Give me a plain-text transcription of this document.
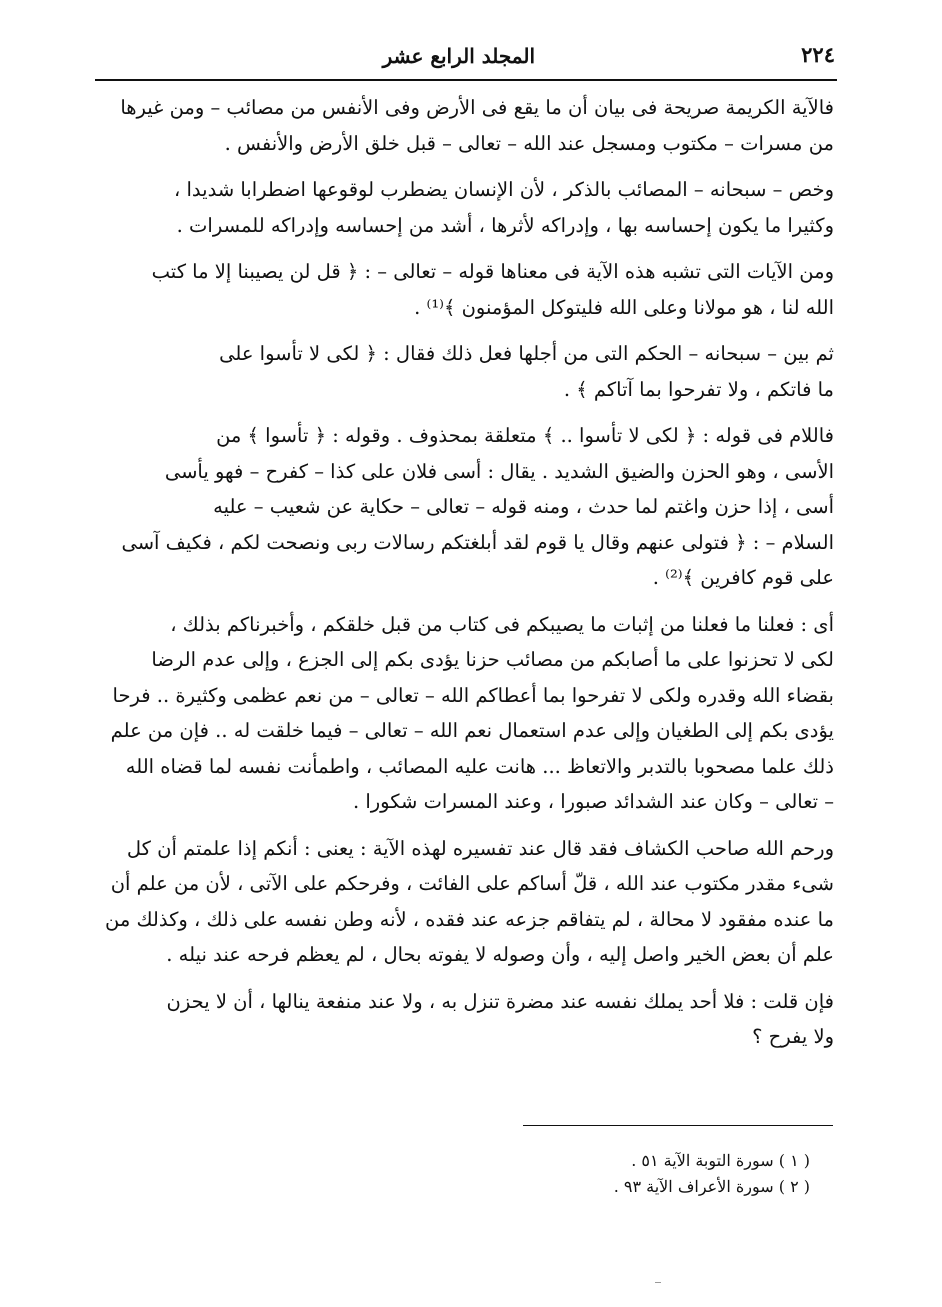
٢٢٤
المجلد الرابع عشر

فالآية الكريمة صريحة فى بيان أن ما يقع فى الأرض وفى الأنفس من مصائب – ومن غيرها

من مسرات – مكتوب ومسجل عند الله – تعالى – قبل خلق الأرض والأنفس .

وخص – سبحانه – المصائب بالذكر ، لأن الإنسان يضطرب لوقوعها اضطرابا شديدا ،

وكثيرا ما يكون إحساسه بها ، وإدراكه لأثرها ، أشد من إحساسه وإدراكه للمسرات .

ومن الآيات التى تشبه هذه الآية فى معناها قوله – تعالى – : ﴿ قل لن يصيبنا إلا ما كتب

الله لنا ، هو مولانا وعلى الله فليتوكل المؤمنون ﴾⁽¹⁾ .

ثم بين – سبحانه – الحكم التى من أجلها فعل ذلك فقال : ﴿ لكى لا تأسوا على

ما فاتكم ، ولا تفرحوا بما آتاكم ﴾ .

فاللام فى قوله : ﴿ لكى لا تأسوا .. ﴾ متعلقة بمحذوف . وقوله : ﴿ تأسوا ﴾ من

الأسى ، وهو الحزن والضيق الشديد . يقال : أسى فلان على كذا – كفرح – فهو يأسى

أسى ، إذا حزن واغتم لما حدث ، ومنه قوله – تعالى – حكاية عن شعيب – عليه

السلام – : ﴿ فتولى عنهم وقال يا قوم لقد أبلغتكم رسالات ربى ونصحت لكم ، فكيف آسى

على قوم كافرين ﴾⁽²⁾ .

أى : فعلنا ما فعلنا من إثبات ما يصيبكم فى كتاب من قبل خلقكم ، وأخبرناكم بذلك ،

لكى لا تحزنوا على ما أصابكم من مصائب حزنا يؤدى بكم إلى الجزع ، وإلى عدم الرضا

بقضاء الله وقدره ولكى لا تفرحوا بما أعطاكم الله – تعالى – من نعم عظمى وكثيرة .. فرحا

يؤدى بكم إلى الطغيان وإلى عدم استعمال نعم الله – تعالى – فيما خلقت له .. فإن من علم

ذلك علما مصحوبا بالتدبر والاتعاظ ... هانت عليه المصائب ، واطمأنت نفسه لما قضاه الله

– تعالى – وكان عند الشدائد صبورا ، وعند المسرات شكورا .

ورحم الله صاحب الكشاف فقد قال عند تفسيره لهذه الآية : يعنى : أنكم إذا علمتم أن كل

شىء مقدر مكتوب عند الله ، قلّ أساكم على الفائت ، وفرحكم على الآتى ، لأن من علم أن

ما عنده مفقود لا محالة ، لم يتفاقم جزعه عند فقده ، لأنه وطن نفسه على ذلك ، وكذلك من

علم أن بعض الخير واصل إليه ، وأن وصوله لا يفوته بحال ، لم يعظم فرحه عند نيله .

فإن قلت : فلا أحد يملك نفسه عند مضرة تنزل به ، ولا عند منفعة ينالها ، أن لا يحزن

ولا يفرح ؟

( ١ ) سورة التوبة الآية ٥١ .

( ٢ ) سورة الأعراف الآية ٩٣ .
